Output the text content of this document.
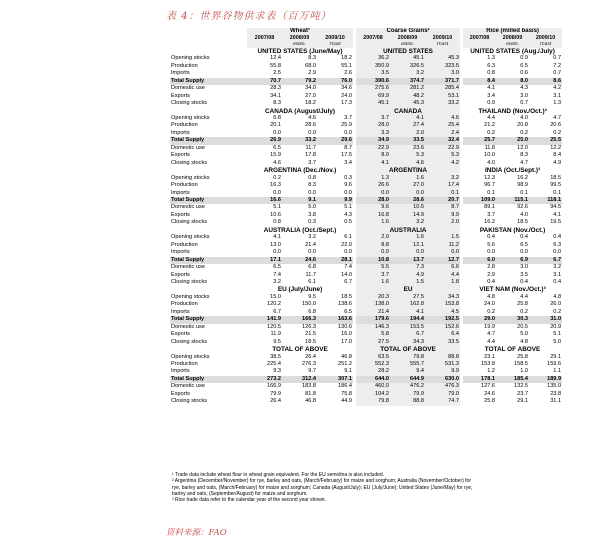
表 4：世界谷物供求表（百万吨）
	Wheat¹				Coarse Grains²				Rice (milled basis)		
	2007/08	2008/09	2009/10		2007/08	2008/09	2009/10		2007/08	2008/09	2009/10
		estim.	f'cast			estim.	f'cast			estim.	f'cast
	UNITED STATES (June/May)				UNITED STATES				UNITED STATES (Aug./July)		
Opening stocks	12.4	8.3	18.2		36.2	45.1	45.3		1.3	0.9	0.7
Production	55.8	68.0	55.1		350.9	326.5	323.5		6.3	6.5	7.2
Imports	2.5	2.9	2.6		3.5	3.2	3.0		0.8	0.6	0.7
Total Supply	70.7	79.2	76.0		390.6	374.7	371.7		8.4	8.0	8.6
Domestic use	28.3	34.0	34.6		275.6	281.2	285.4		4.1	4.3	4.2
Exports	34.1	27.0	24.0		69.9	48.2	53.1		3.4	3.0	3.1
Closing stocks	8.3	18.2	17.3		45.1	45.3	33.2		0.9	0.7	1.3
	CANADA (August/July)				CANADA				THAILAND (Nov./Oct.)³		
Opening stocks	6.8	4.6	3.7		3.7	4.1	4.6		4.4	4.0	4.7
Production	20.1	28.6	25.9		28.0	27.4	25.4		21.2	20.8	20.6
Imports	0.0	0.0	0.0		3.3	2.0	2.4		0.2	0.2	0.2
Total Supply	26.9	33.2	29.6		34.9	33.5	32.4		25.7	25.0	25.5
Domestic use	6.5	11.7	8.7		22.9	23.6	22.9		11.8	12.0	12.2
Exports	15.9	17.8	17.5		8.0	5.3	5.3		10.0	8.3	8.4
Closing stocks	4.6	3.7	3.4		4.1	4.6	4.2		4.0	4.7	4.9
	ARGENTINA (Dec./Nov.)				ARGENTINA				INDIA (Oct./Sept.)³		
Opening stocks	0.2	0.8	0.3		1.3	1.6	3.2		12.3	16.2	18.5
Production	16.3	8.3	9.6		26.6	27.0	17.4		96.7	98.9	99.5
Imports	0.0	0.0	0.0		0.0	0.0	0.1		0.1	0.1	0.1
Total Supply	16.6	9.1	9.9		28.0	28.6	20.7		109.0	115.1	118.1
Domestic use	5.1	5.0	5.1		9.6	10.5	8.7		89.1	92.6	94.5
Exports	10.6	3.8	4.3		16.8	14.9	9.9		3.7	4.0	4.1
Closing stocks	0.8	0.3	0.5		1.6	3.2	2.0		16.2	18.5	19.5
	AUSTRALIA (Oct./Sept.)				AUSTRALIA				PAKISTAN (Nov./Oct.)		
Opening stocks	4.1	3.2	6.1		2.0	1.6	1.5		0.4	0.4	0.4
Production	13.0	21.4	22.0		8.8	12.1	11.2		5.6	6.5	6.3
Imports	0.0	0.0	0.0		0.0	0.0	0.0		0.0	0.0	0.0
Total Supply	17.1	24.6	28.1		10.8	13.7	12.7		6.0	6.9	6.7
Domestic use	6.5	6.8	7.4		5.5	7.3	6.6		2.8	3.0	3.2
Exports	7.4	11.7	14.0		3.7	4.9	4.4		2.9	3.5	3.1
Closing stocks	3.2	6.1	6.7		1.6	1.5	1.8		0.4	0.4	0.4
	EU (July/June)				EU				VIET NAM (Nov./Oct.)³		
Opening stocks	15.0	9.5	18.5		20.3	27.5	34.3		4.8	4.4	4.8
Production	120.2	150.0	138.6		138.0	162.8	153.8		24.0	25.8	26.0
Imports	6.7	6.8	6.5		21.4	4.1	4.5		0.2	0.2	0.2
Total Supply	141.9	166.3	163.6		179.6	194.4	192.5		29.0	30.3	31.0
Domestic use	120.5	126.3	130.6		146.3	153.5	152.6		19.9	20.5	20.9
Exports	11.9	21.5	16.0		5.8	6.7	6.4		4.7	5.0	5.1
Closing stocks	9.5	18.5	17.0		27.5	34.3	33.5		4.4	4.8	5.0
	TOTAL OF ABOVE				TOTAL OF ABOVE				TOTAL OF ABOVE		
Opening stocks	38.5	26.4	46.8		63.5	79.8	88.8		23.1	25.8	29.1
Production	225.4	276.3	251.2		552.3	555.7	531.3		153.8	158.5	159.6
Imports	9.3	9.7	9.1		28.2	9.4	9.9		1.2	1.0	1.1
Total Supply	273.2	312.4	307.1		644.0	644.9	630.0		178.1	185.4	189.9
Domestic use	166.9	183.8	186.4		460.0	476.2	476.3		127.6	132.5	135.0
Exports	79.9	81.8	75.8		104.2	79.9	79.0		24.6	23.7	23.8
Closing stocks	26.4	46.8	44.9		79.8	88.8	74.7		25.8	29.1	31.1
¹ Trade data include wheat flour in wheat grain equivalent. For the EU semolina is also included.
² Argentina (December/November) for rye, barley and oats, (March/February) for maize and sorghum; Australia (November/October) for
rye, barley and oats, (March/February) for maize and sorghum; Canada (August/July); EU (July/June); United States (June/May) for rye,
barley and oats, (September/August) for maize and sorghum.
³ Rice trade data refer to the calendar year of the second year shown.
资料来源：FAO
